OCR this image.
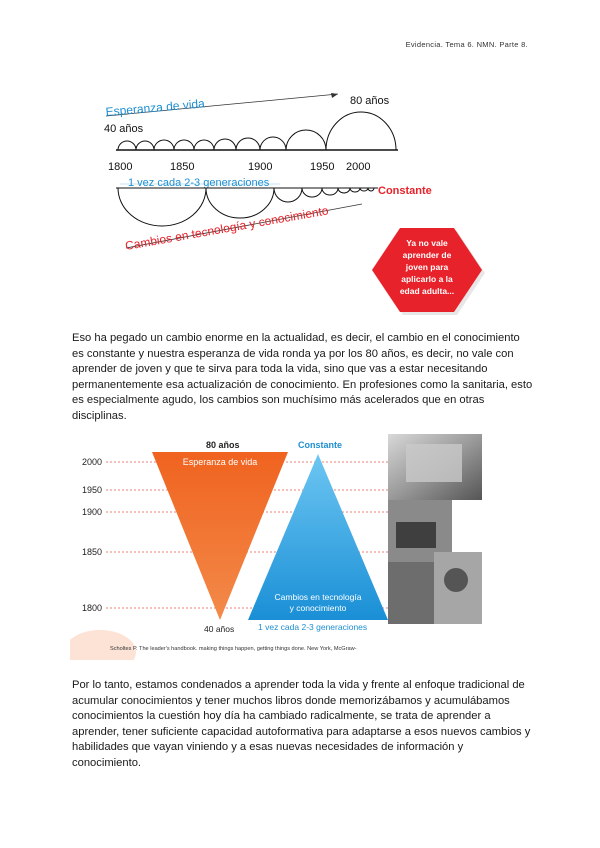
Evidencia. Tema 6. NMN. Parte 8.
Esperanza de vida
40 años
80 años
1800	1850	1900	1950 2000
1 vez cada 2-3 generaciones
Constante
Cambios en tecnología y conocimiento	Ya no vale
aprender de
joven para
aplicarlo a la
edad adulta...

Eso ha pegado un cambio enorme en la actualidad, es decir, el cambio en el conocimiento es constante y nuestra esperanza de vida ronda ya por los 80 años, es decir, no vale con aprender de joven y que te sirva para toda la vida, sino que vas a estar necesitando permanentemente esa actualización de conocimiento. En profesiones como la sanitaria, esto es especialmente agudo, los cambios son muchísimo más acelerados que en otras disciplinas.

2000
1950
1900
1850
1800
80 años
Esperanza de vida
40 años
Constante
Cambios en tecnología
y conocimiento
1 vez cada 2-3 generaciones
Scholtes P. The leader's handbook. making things happen, getting things done. New York, McGraw-

Por lo tanto, estamos condenados a aprender toda la vida y frente al enfoque tradicional de acumular conocimientos y tener muchos libros donde memorizábamos y acumulábamos conocimientos la cuestión hoy día ha cambiado radicalmente, se trata de aprender a aprender, tener suficiente capacidad autoformativa para adaptarse a esos nuevos cambios y habilidades que vayan viniendo y a esas nuevas necesidades de información y conocimiento.
